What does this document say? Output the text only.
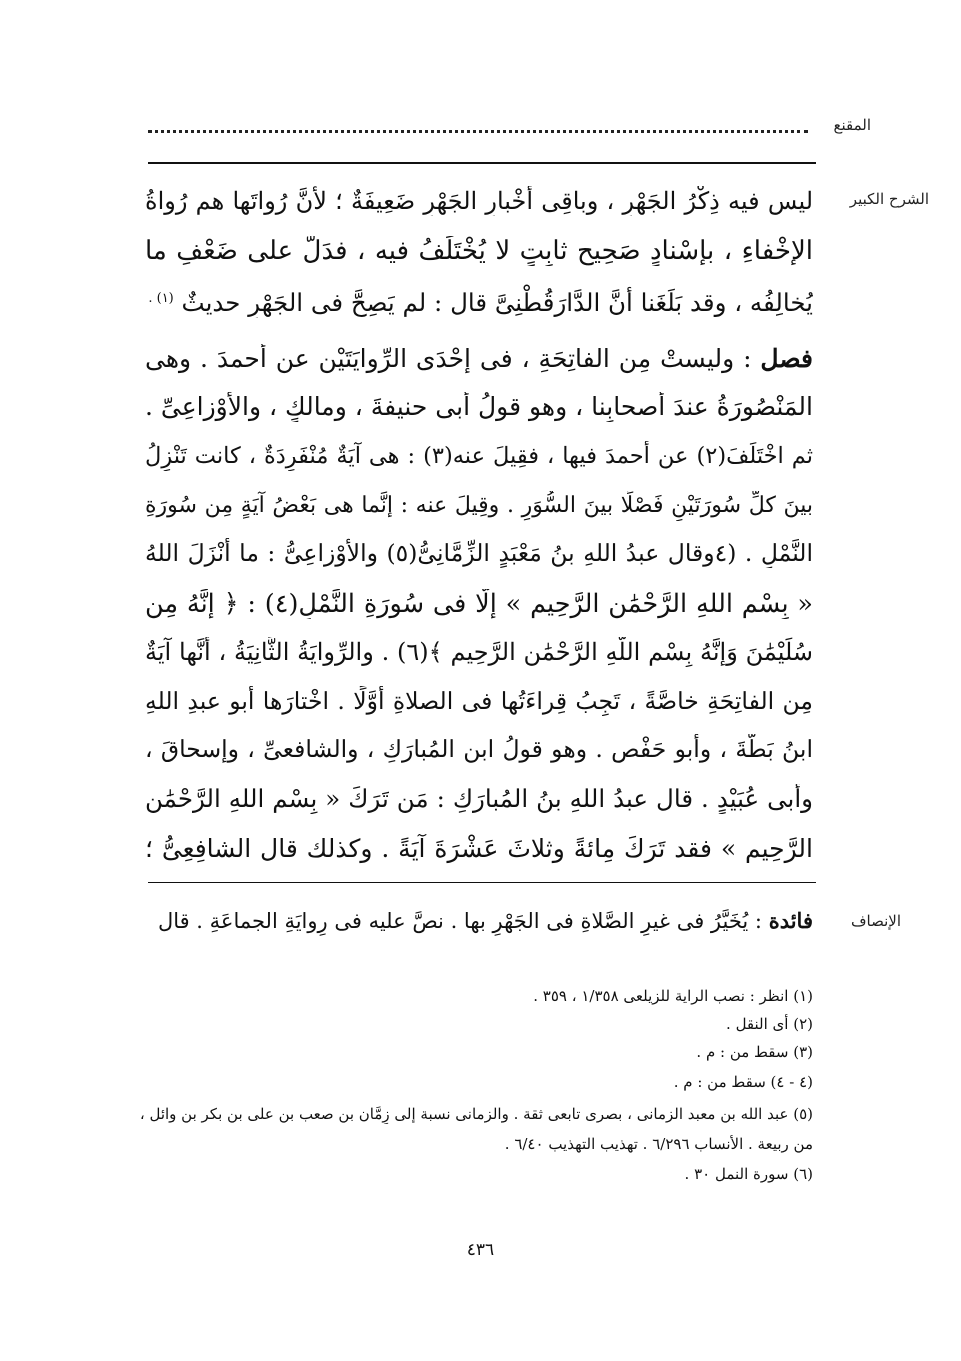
المقنع
الشرح الكبير
ليس فيه ذِكْرُ الجَهْرِ ، وباقِى أخْبارِ الجَهْرِ ضَعِيفَةٌ ؛ لأنَّ رُواتَها هم رُواةُ
الإِخْفاءِ ، بإسْنادٍ صَحِيحٍ ثابِتٍ لا يُخْتَلَفُ فيه ، فدَلَّ على ضَعْفِ ما
يُخالِفُه ، وقد بَلَغَنا أنَّ الدَّارَقُطْنِىَّ قال : لم يَصِحَّ فى الجَهْرِ حديثٌ $^{(١) .}$
فصل : وليستْ مِن الفاتِحَةِ ، فى إحْدَى الرِّوايَتَيْنِ عن أحمدَ . وهى
المَنْصُورَةُ عندَ أصحابِنا ، وهو قولُ أبى حنيفةَ ، ومالكٍ ، والأوْزاعِىِّ .
ثم اخْتَلَفَ(٢) عن أحمدَ فيها ، فقِيلَ عنه(٣) : هى آيَةٌ مُنْفَرِدَةٌ ، كانت تَنْزِلُ
بينَ كلِّ سُورَتَيْنِ فَصْلًا بينَ السُّوَرِ . وقِيلَ عنه : إنَّما هى بَعْضُ آيَةٍ مِن سُورَةِ
النَّمْلِ . (٤وقال عبدُ اللهِ بنُ مَعْبَدٍ الزِّمَّانِىُّ(٥) والأوْزاعِىُّ : ما أنْزَلَ اللهُ
« بِسْمِ اللهِ الرَّحْمَٰنِ الرَّحِيمِ » إلَّا فى سُورَةِ النَّمْلِ(٤) : ﴿ إِنَّهُ مِن
سُلَيْمَٰنَ وَإِنَّهُ بِسْمِ اللَّهِ الرَّحْمَٰنِ الرَّحِيمِ ﴾(٦) . والرِّوايَةُ الثَّانِيَةُ ، أنَّها آيَةٌ
مِن الفاتِحَةِ خاصَّةً ، تَجِبُ قِراءَتُها فى الصلاةِ أوَّلًا . اخْتارَها أبو عبدِ اللهِ
ابنُ بَطَّةَ ، وأبو حَفْصٍ . وهو قولُ ابنِ المُبارَكِ ، والشافعىِّ ، وإسحاقَ ،
وأبى عُبَيْدٍ . قال عبدُ اللهِ بنُ المُبارَكِ : مَن تَرَكَ « بِسْمِ اللهِ الرَّحْمَٰنِ
الرَّحِيمِ » فقد تَرَكَ مِائةً وثلاثَ عَشْرَةَ آيَةً . وكذلك قال الشافِعِىُّ ؛
الإنصاف
فائدة : يُخَيَّرُ فى غيرِ الصَّلاةِ فى الجَهْرِ بها . نصَّ عليه فى رِوايَةِ الجماعَةِ . قال
(١) انظر : نصب الراية للزيلعى ١/٣٥٨ ، ٣٥٩ .
(٢) أى النقل .
(٣) سقط من : م .
(٤ - ٤) سقط من : م .
(٥) عبد الله بن معبد الزمانى ، بصرى تابعى ثقة . والزمانى نسبة إلى زِمَّان بن صعب بن على بن بكر بن وائل ،
من ربيعة . الأنساب ٦/٢٩٦ . تهذيب التهذيب ٦/٤٠ .
(٦) سورة النمل ٣٠ .
٤٣٦
